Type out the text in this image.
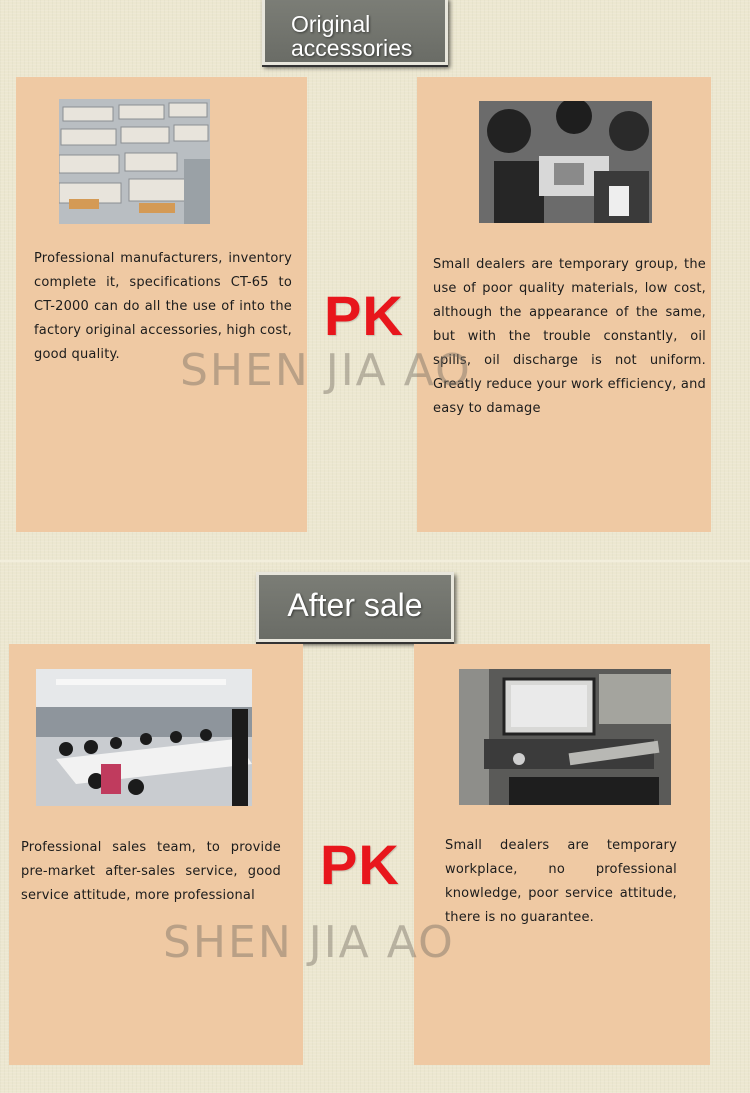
Original accessories
Professional manufacturers, inventory complete it, specifications CT-65 to CT-2000 can do all the use of into the factory original accessories, high cost, good quality.
PK
Small dealers are temporary group, the use of poor quality materials, low cost, although the appearance of the same, but with the trouble constantly, oil spills, oil discharge is not uniform. Greatly reduce your work efficiency, and easy to damage
SHEN JIA AO
After sale
Professional sales team, to provide pre-market after-sales service, good service attitude, more professional	PK	Small dealers are temporary workplace, no professional knowledge, poor service attitude, there is no guarantee.
SHEN JIA AO
